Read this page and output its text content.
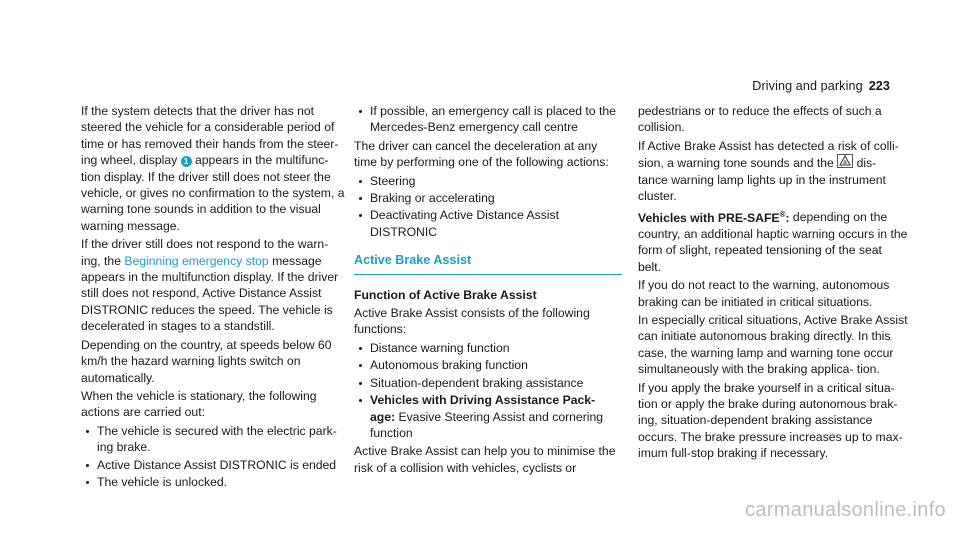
Driving and parking 223

If the system detects that the driver has not steered the vehicle for a considerable period of time or has removed their hands from the steer- ing wheel, display 1 appears in the multifunc- tion display. If the driver still does not steer the vehicle, or gives no confirmation to the system, a warning tone sounds in addition to the visual warning message.

If the driver still does not respond to the warn- ing, the Beginning emergency stop message appears in the multifunction display. If the driver still does not respond, Active Distance Assist DISTRONIC reduces the speed. The vehicle is decelerated in stages to a standstill.

Depending on the country, at speeds below 60 km/h the hazard warning lights switch on automatically.

When the vehicle is stationary, the following actions are carried out:

The vehicle is secured with the electric park- ing brake.
Active Distance Assist DISTRONIC is ended
The vehicle is unlocked.
If possible, an emergency call is placed to the Mercedes-Benz emergency call centre

The driver can cancel the deceleration at any time by performing one of the following actions:

Steering
Braking or accelerating
Deactivating Active Distance Assist DISTRONIC
Active Brake Assist
Function of Active Brake Assist

Active Brake Assist consists of the following functions:

Distance warning function
Autonomous braking function
Situation-dependent braking assistance
Vehicles with Driving Assistance Pack- age: Evasive Steering Assist and cornering function

Active Brake Assist can help you to minimise the risk of a collision with vehicles, cyclists or

pedestrians or to reduce the effects of such a collision.

If Active Brake Assist has detected a risk of colli- sion, a warning tone sounds and the
dis- tance warning lamp lights up in the instrument cluster.

Vehicles with PRE-SAFE®: depending on the country, an additional haptic warning occurs in the form of slight, repeated tensioning of the seat belt.

If you do not react to the warning, autonomous braking can be initiated in critical situations.

In especially critical situations, Active Brake Assist can initiate autonomous braking directly. In this case, the warning lamp and warning tone occur simultaneously with the braking applica- tion.

If you apply the brake yourself in a critical situa- tion or apply the brake during autonomous brak- ing, situation-dependent braking assistance occurs. The brake pressure increases up to max- imum full-stop braking if necessary.

carmanualsonline.info
